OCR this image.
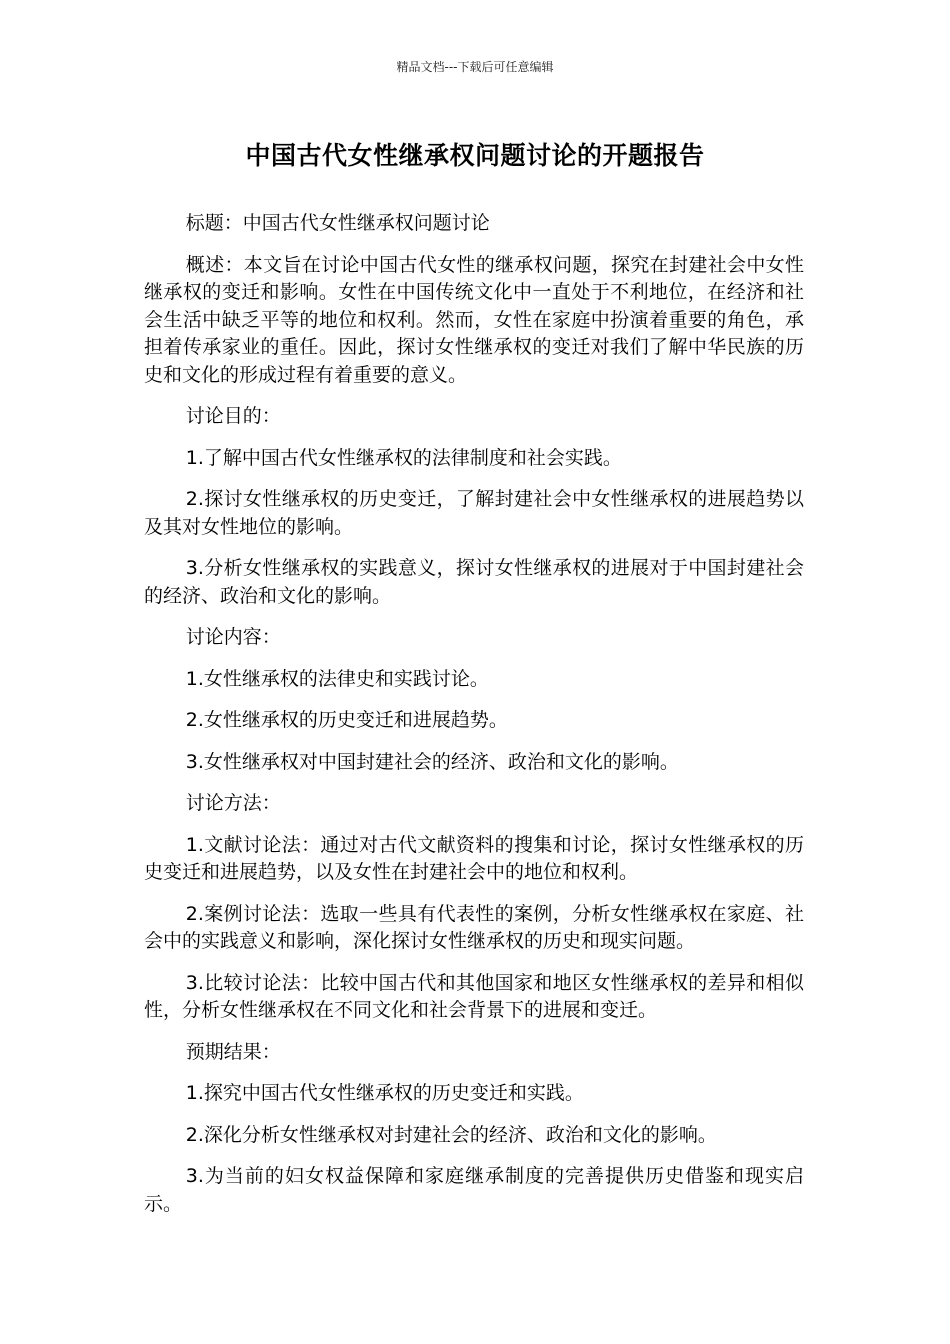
精品文档---下载后可任意编辑
中国古代女性继承权问题讨论的开题报告

标题：中国古代女性继承权问题讨论

概述：本文旨在讨论中国古代女性的继承权问题，探究在封建社会中女性继承权的变迁和影响。女性在中国传统文化中一直处于不利地位，在经济和社会生活中缺乏平等的地位和权利。然而，女性在家庭中扮演着重要的角色，承担着传承家业的重任。因此，探讨女性继承权的变迁对我们了解中华民族的历史和文化的形成过程有着重要的意义。

讨论目的：

1.了解中国古代女性继承权的法律制度和社会实践。

2.探讨女性继承权的历史变迁，了解封建社会中女性继承权的进展趋势以及其对女性地位的影响。

3.分析女性继承权的实践意义，探讨女性继承权的进展对于中国封建社会的经济、政治和文化的影响。

讨论内容：

1.女性继承权的法律史和实践讨论。

2.女性继承权的历史变迁和进展趋势。

3.女性继承权对中国封建社会的经济、政治和文化的影响。

讨论方法：

1.文献讨论法：通过对古代文献资料的搜集和讨论，探讨女性继承权的历史变迁和进展趋势，以及女性在封建社会中的地位和权利。

2.案例讨论法：选取一些具有代表性的案例，分析女性继承权在家庭、社会中的实践意义和影响，深化探讨女性继承权的历史和现实问题。

3.比较讨论法：比较中国古代和其他国家和地区女性继承权的差异和相似性，分析女性继承权在不同文化和社会背景下的进展和变迁。

预期结果：

1.探究中国古代女性继承权的历史变迁和实践。

2.深化分析女性继承权对封建社会的经济、政治和文化的影响。

3.为当前的妇女权益保障和家庭继承制度的完善提供历史借鉴和现实启示。
